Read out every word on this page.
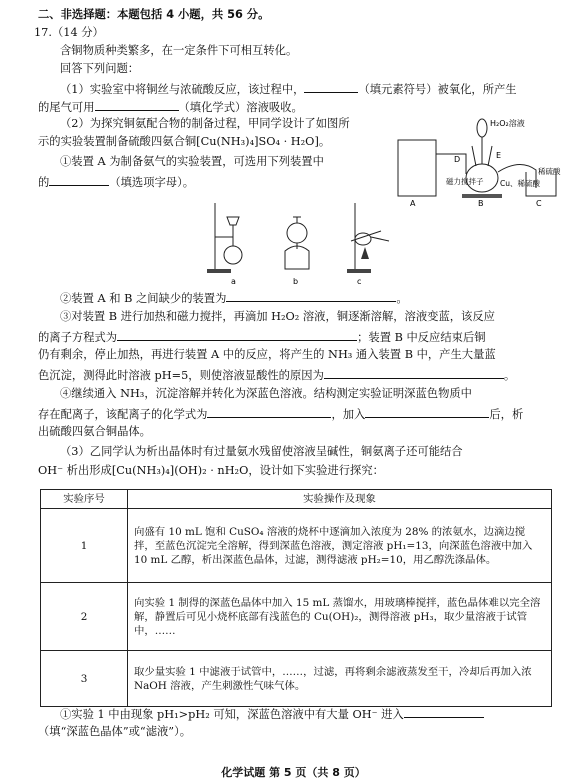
二、非选择题：本题包括 4 小题，共 56 分。
17.（14 分）
含铜物质种类繁多，在一定条件下可相互转化。
回答下列问题：
（1）实验室中将铜丝与浓硫酸反应，该过程中，	（填元素符号）被氧化，所产生
的尾气可用	（填化学式）溶液吸收。
（2）为探究铜氨配合物的制备过程，甲同学设计了如图所
示的实验装置制备硫酸四氨合铜[Cu(NH₃)₄]SO₄ · H₂O]。
①装置 A 为制备氨气的实验装置，可选用下列装置中
的	（填选项字母）。
H₂O₂溶液
D	E
磁力搅拌子 Cu、稀硫酸
稀硫酸
A	B	C
a	b	c
②装置 A 和 B 之间缺少的装置为	。
③对装置 B 进行加热和磁力搅拌，再滴加 H₂O₂ 溶液，铜逐渐溶解，溶液变蓝，该反应
的离子方程式为	；装置 B 中反应结束后铜
仍有剩余，停止加热，再进行装置 A 中的反应，将产生的 NH₃ 通入装置 B 中，产生大量蓝
色沉淀，测得此时溶液 pH=5，则使溶液显酸性的原因为	。
④继续通入 NH₃，沉淀溶解并转化为深蓝色溶液。结构测定实验证明深蓝色物质中
存在配离子，该配离子的化学式为	，加入	后，析
出硫酸四氨合铜晶体。
（3）乙同学认为析出晶体时有过量氨水残留使溶液呈碱性，铜氨离子还可能结合
OH⁻ 析出形成[Cu(NH₃)₄](OH)₂ · nH₂O，设计如下实验进行探究：
实验序号	实验操作及现象
1	向盛有 10 mL 饱和 CuSO₄ 溶液的烧杯中逐滴加入浓度为 28% 的浓氨水，边滴边搅拌，至蓝色沉淀完全溶解，得到深蓝色溶液，测定溶液 pH₁=13，向深蓝色溶液中加入 10 mL 乙醇，析出深蓝色晶体，过滤，测得滤液 pH₂=10，用乙醇洗涤晶体。
2	向实验 1 制得的深蓝色晶体中加入 15 mL 蒸馏水，用玻璃棒搅拌，蓝色晶体难以完全溶解，静置后可见小烧杯底部有浅蓝色的 Cu(OH)₂，测得溶液 pH₃，取少量溶液于试管中，……
3	取少量实验 1 中滤液于试管中，……，过滤，再将剩余滤液蒸发至干，冷却后再加入浓 NaOH 溶液，产生刺激性气味气体。
①实验 1 中由现象 pH₁>pH₂ 可知，深蓝色溶液中有大量 OH⁻ 进入
（填“深蓝色晶体”或“滤液”）。
化学试题 第 5 页（共 8 页）
